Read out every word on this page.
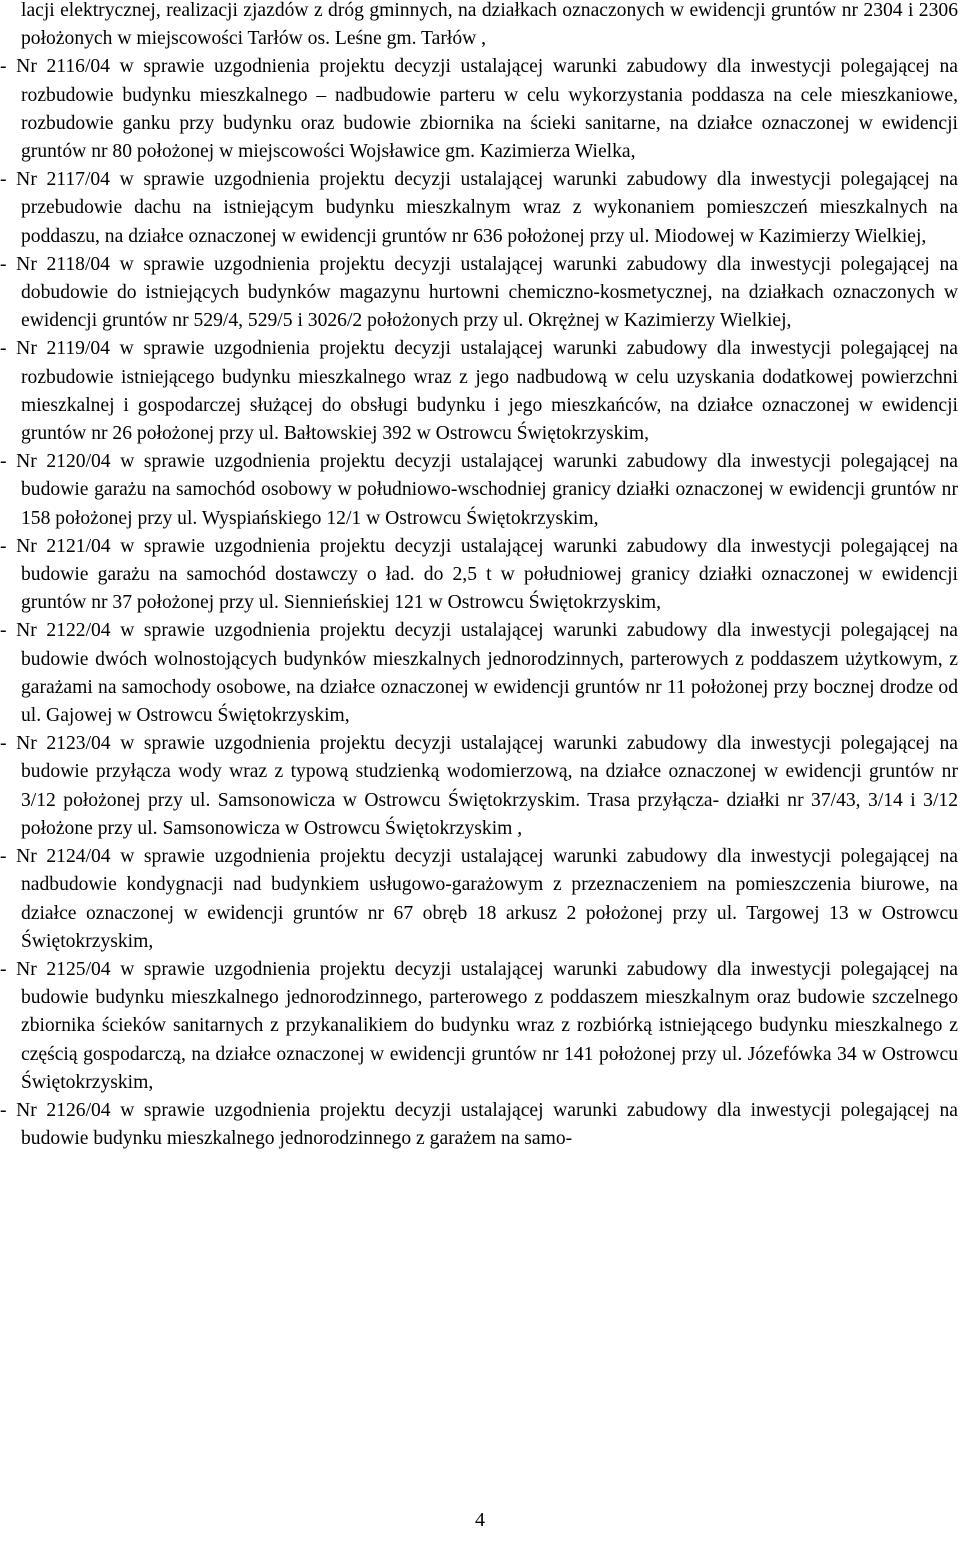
lacji elektrycznej, realizacji zjazdów z dróg gminnych, na działkach oznaczonych w ewidencji gruntów nr 2304 i 2306 położonych w miejscowości Tarłów os. Leśne gm. Tarłów ,

- Nr 2116/04 w sprawie uzgodnienia projektu decyzji ustalającej warunki zabudowy dla inwestycji polegającej na rozbudowie budynku mieszkalnego – nadbudowie parteru w celu wykorzystania poddasza na cele mieszkaniowe, rozbudowie ganku przy budynku oraz budowie zbiornika na ścieki sanitarne, na działce oznaczonej w ewidencji gruntów nr 80 położonej w miejscowości Wojsławice gm. Kazimierza Wielka,

- Nr 2117/04 w sprawie uzgodnienia projektu decyzji ustalającej warunki zabudowy dla inwestycji polegającej na przebudowie dachu na istniejącym budynku mieszkalnym wraz z wykonaniem pomieszczeń mieszkalnych na poddaszu, na działce oznaczonej w ewidencji gruntów nr 636 położonej przy ul. Miodowej w Kazimierzy Wielkiej,

- Nr 2118/04 w sprawie uzgodnienia projektu decyzji ustalającej warunki zabudowy dla inwestycji polegającej na dobudowie do istniejących budynków magazynu hurtowni chemiczno-kosmetycznej, na działkach oznaczonych w ewidencji gruntów nr 529/4, 529/5 i 3026/2 położonych przy ul. Okrężnej w Kazimierzy Wielkiej,

- Nr 2119/04 w sprawie uzgodnienia projektu decyzji ustalającej warunki zabudowy dla inwestycji polegającej na rozbudowie istniejącego budynku mieszkalnego wraz z jego nadbudową w celu uzyskania dodatkowej powierzchni mieszkalnej i gospodarczej służącej do obsługi budynku i jego mieszkańców, na działce oznaczonej w ewidencji gruntów nr 26 położonej przy ul. Bałtowskiej 392 w Ostrowcu Świętokrzyskim,

- Nr 2120/04 w sprawie uzgodnienia projektu decyzji ustalającej warunki zabudowy dla inwestycji polegającej na budowie garażu na samochód osobowy w południowo-wschodniej granicy działki oznaczonej w ewidencji gruntów nr 158 położonej przy ul. Wyspiańskiego 12/1 w Ostrowcu Świętokrzyskim,

- Nr 2121/04 w sprawie uzgodnienia projektu decyzji ustalającej warunki zabudowy dla inwestycji polegającej na budowie garażu na samochód dostawczy o ład. do 2,5 t w południowej granicy działki oznaczonej w ewidencji gruntów nr 37 położonej przy ul. Siennieńskiej 121 w Ostrowcu Świętokrzyskim,

- Nr 2122/04 w sprawie uzgodnienia projektu decyzji ustalającej warunki zabudowy dla inwestycji polegającej na budowie dwóch wolnostojących budynków mieszkalnych jednorodzinnych, parterowych z poddaszem użytkowym, z garażami na samochody osobowe, na działce oznaczonej w ewidencji gruntów nr 11 położonej przy bocznej drodze od ul. Gajowej w Ostrowcu Świętokrzyskim,

- Nr 2123/04 w sprawie uzgodnienia projektu decyzji ustalającej warunki zabudowy dla inwestycji polegającej na budowie przyłącza wody wraz z typową studzienką wodomierzową, na działce oznaczonej w ewidencji gruntów nr 3/12 położonej przy ul. Samsonowicza w Ostrowcu Świętokrzyskim. Trasa przyłącza- działki nr 37/43, 3/14 i 3/12 położone przy ul. Samsonowicza w Ostrowcu Świętokrzyskim ,

- Nr 2124/04 w sprawie uzgodnienia projektu decyzji ustalającej warunki zabudowy dla inwestycji polegającej na nadbudowie kondygnacji nad budynkiem usługowo-garażowym z przeznaczeniem na pomieszczenia biurowe, na działce oznaczonej w ewidencji gruntów nr 67 obręb 18 arkusz 2 położonej przy ul. Targowej 13 w Ostrowcu Świętokrzyskim,

- Nr 2125/04 w sprawie uzgodnienia projektu decyzji ustalającej warunki zabudowy dla inwestycji polegającej na budowie budynku mieszkalnego jednorodzinnego, parterowego z poddaszem mieszkalnym oraz budowie szczelnego zbiornika ścieków sanitarnych z przykanalikiem do budynku wraz z rozbiórką istniejącego budynku mieszkalnego z częścią gospodarczą, na działce oznaczonej w ewidencji gruntów nr 141 położonej przy ul. Józefówka 34 w Ostrowcu Świętokrzyskim,

- Nr 2126/04 w sprawie uzgodnienia projektu decyzji ustalającej warunki zabudowy dla inwestycji polegającej na budowie budynku mieszkalnego jednorodzinnego z garażem na samo-

4
